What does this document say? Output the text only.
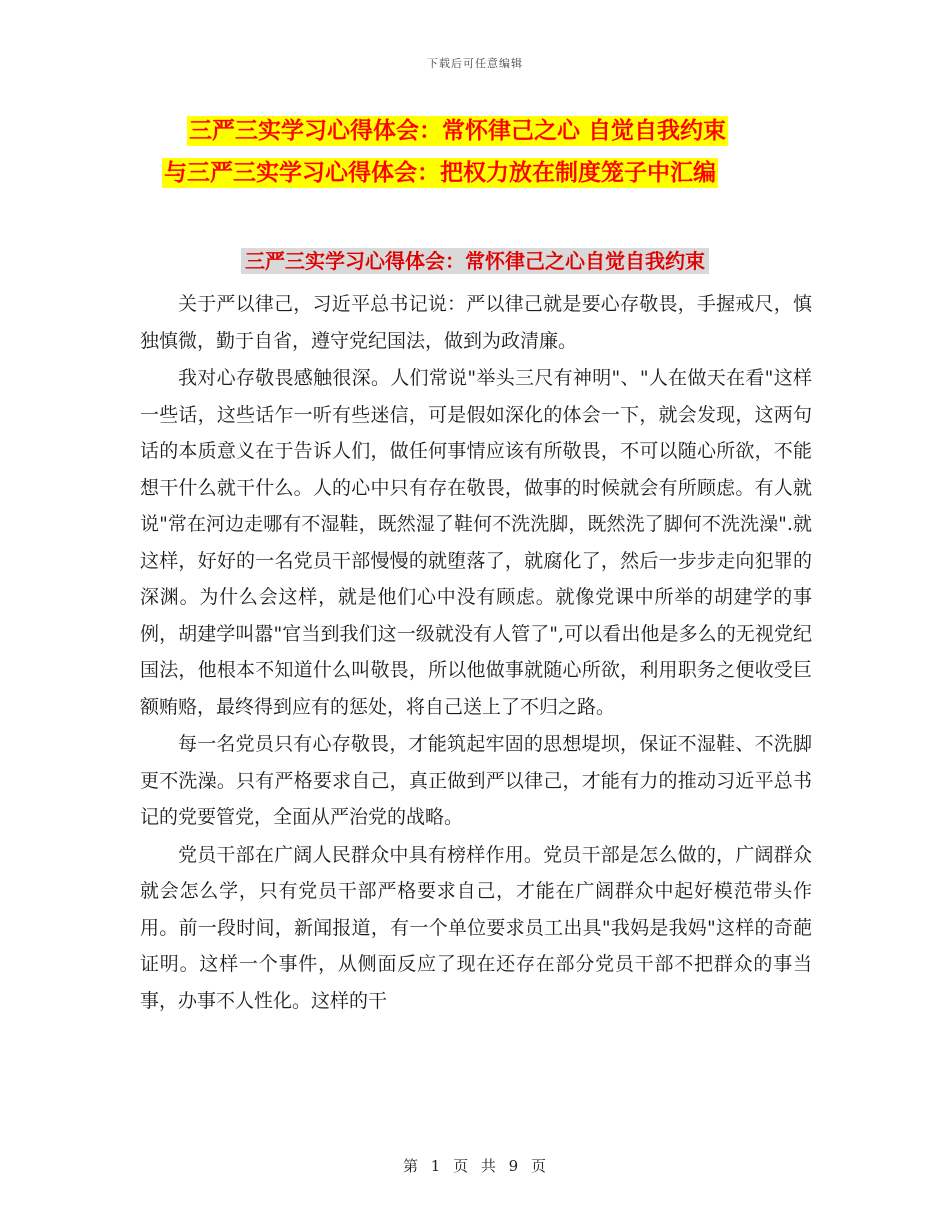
下载后可任意编辑
三严三实学习心得体会：常怀律己之心 自觉自我约束
与三严三实学习心得体会：把权力放在制度笼子中汇编
三严三实学习心得体会：常怀律己之心自觉自我约束

关于严以律己，习近平总书记说：严以律己就是要心存敬畏，手握戒尺，慎独慎微，勤于自省，遵守党纪国法，做到为政清廉。

我对心存敬畏感触很深。人们常说"举头三尺有神明"、"人在做天在看"这样一些话，这些话乍一听有些迷信，可是假如深化的体会一下，就会发现，这两句话的本质意义在于告诉人们，做任何事情应该有所敬畏，不可以随心所欲，不能想干什么就干什么。人的心中只有存在敬畏，做事的时候就会有所顾虑。有人就说"常在河边走哪有不湿鞋，既然湿了鞋何不洗洗脚，既然洗了脚何不洗洗澡".就这样，好好的一名党员干部慢慢的就堕落了，就腐化了，然后一步步走向犯罪的深渊。为什么会这样，就是他们心中没有顾虑。就像党课中所举的胡建学的事例，胡建学叫嚣"官当到我们这一级就没有人管了",可以看出他是多么的无视党纪国法，他根本不知道什么叫敬畏，所以他做事就随心所欲，利用职务之便收受巨额贿赂，最终得到应有的惩处，将自己送上了不归之路。

每一名党员只有心存敬畏，才能筑起牢固的思想堤坝，保证不湿鞋、不洗脚更不洗澡。只有严格要求自己，真正做到严以律己，才能有力的推动习近平总书记的党要管党，全面从严治党的战略。

党员干部在广阔人民群众中具有榜样作用。党员干部是怎么做的，广阔群众就会怎么学，只有党员干部严格要求自己，才能在广阔群众中起好模范带头作用。前一段时间，新闻报道，有一个单位要求员工出具"我妈是我妈"这样的奇葩证明。这样一个事件，从侧面反应了现在还存在部分党员干部不把群众的事当事，办事不人性化。这样的干

第 1 页 共 9 页
